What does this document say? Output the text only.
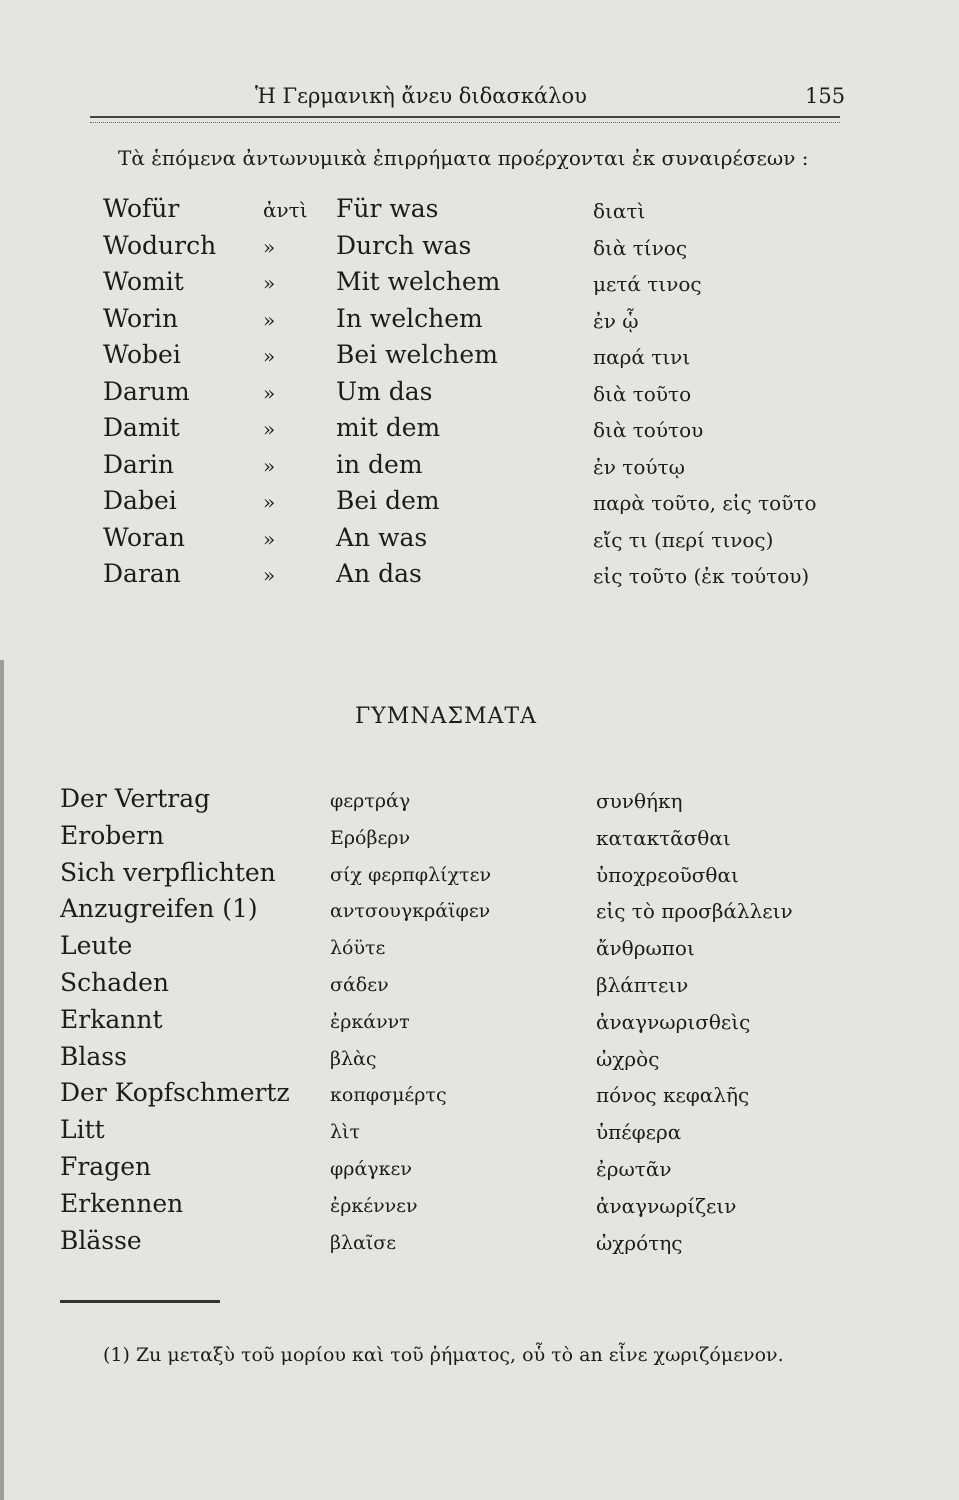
Ἡ Γερμανικὴ ἄνευ διδασκάλου	155
Τὰ ἑπόμενα ἀντωνυμικὰ ἐπιρρήματα προέρχονται ἐκ συναιρέσεων :
Wofür	ἀντὶ Für was	διατὶ
Wodurch » Durch was	διὰ τίνος
Womit	» Mit welchem	μετά τινος
Worin	» In welchem	ἐν ᾧ
Wobei	» Bei welchem	παρά τινι
Darum	» Um das	διὰ τοῦτο
Damit	» mit dem	διὰ τούτου
Darin	» in dem	ἐν τούτῳ
Dabei	» Bei dem	παρὰ τοῦτο, εἰς τοῦτο
Woran	» An was	εἴς τι (περί τινος)
Daran	» An das	εἰς τοῦτο (ἐκ τούτου)
ΓΥΜΝΑΣΜΑΤΑ
Der Vertrag	φερτράγ	συνθήκη
Erobern	Ερόβερν	κατακτᾶσθαι
Sich verpflichten	σίχ φερπφλίχτεν	ὑποχρεοῦσθαι
Anzugreifen (1)	αντσουγκράϊφεν	εἰς τὸ προσβάλλειν
Leute	λόϋτε	ἄνθρωποι
Schaden	σάδεν	βλάπτειν
Erkannt	ἐρκάννт	ἀναγνωρισθεὶς
Blass	βλὰς	ὠχρὸς
Der Kopfschmertz κοπφσμέρτς	πόνος κεφαλῆς
Litt	λὶτ	ὑπέφερα
Fragen	φράγκεν	ἐρωτᾶν
Erkennen	ἐρκέννεν	ἀναγνωρίζειν
Blässe	βλαῖσε	ὠχρότης
(1) Zu μεταξὺ τοῦ μορίου καὶ τοῦ ῥήματος, οὗ τὸ an εἶνε χωριζόμενον.
